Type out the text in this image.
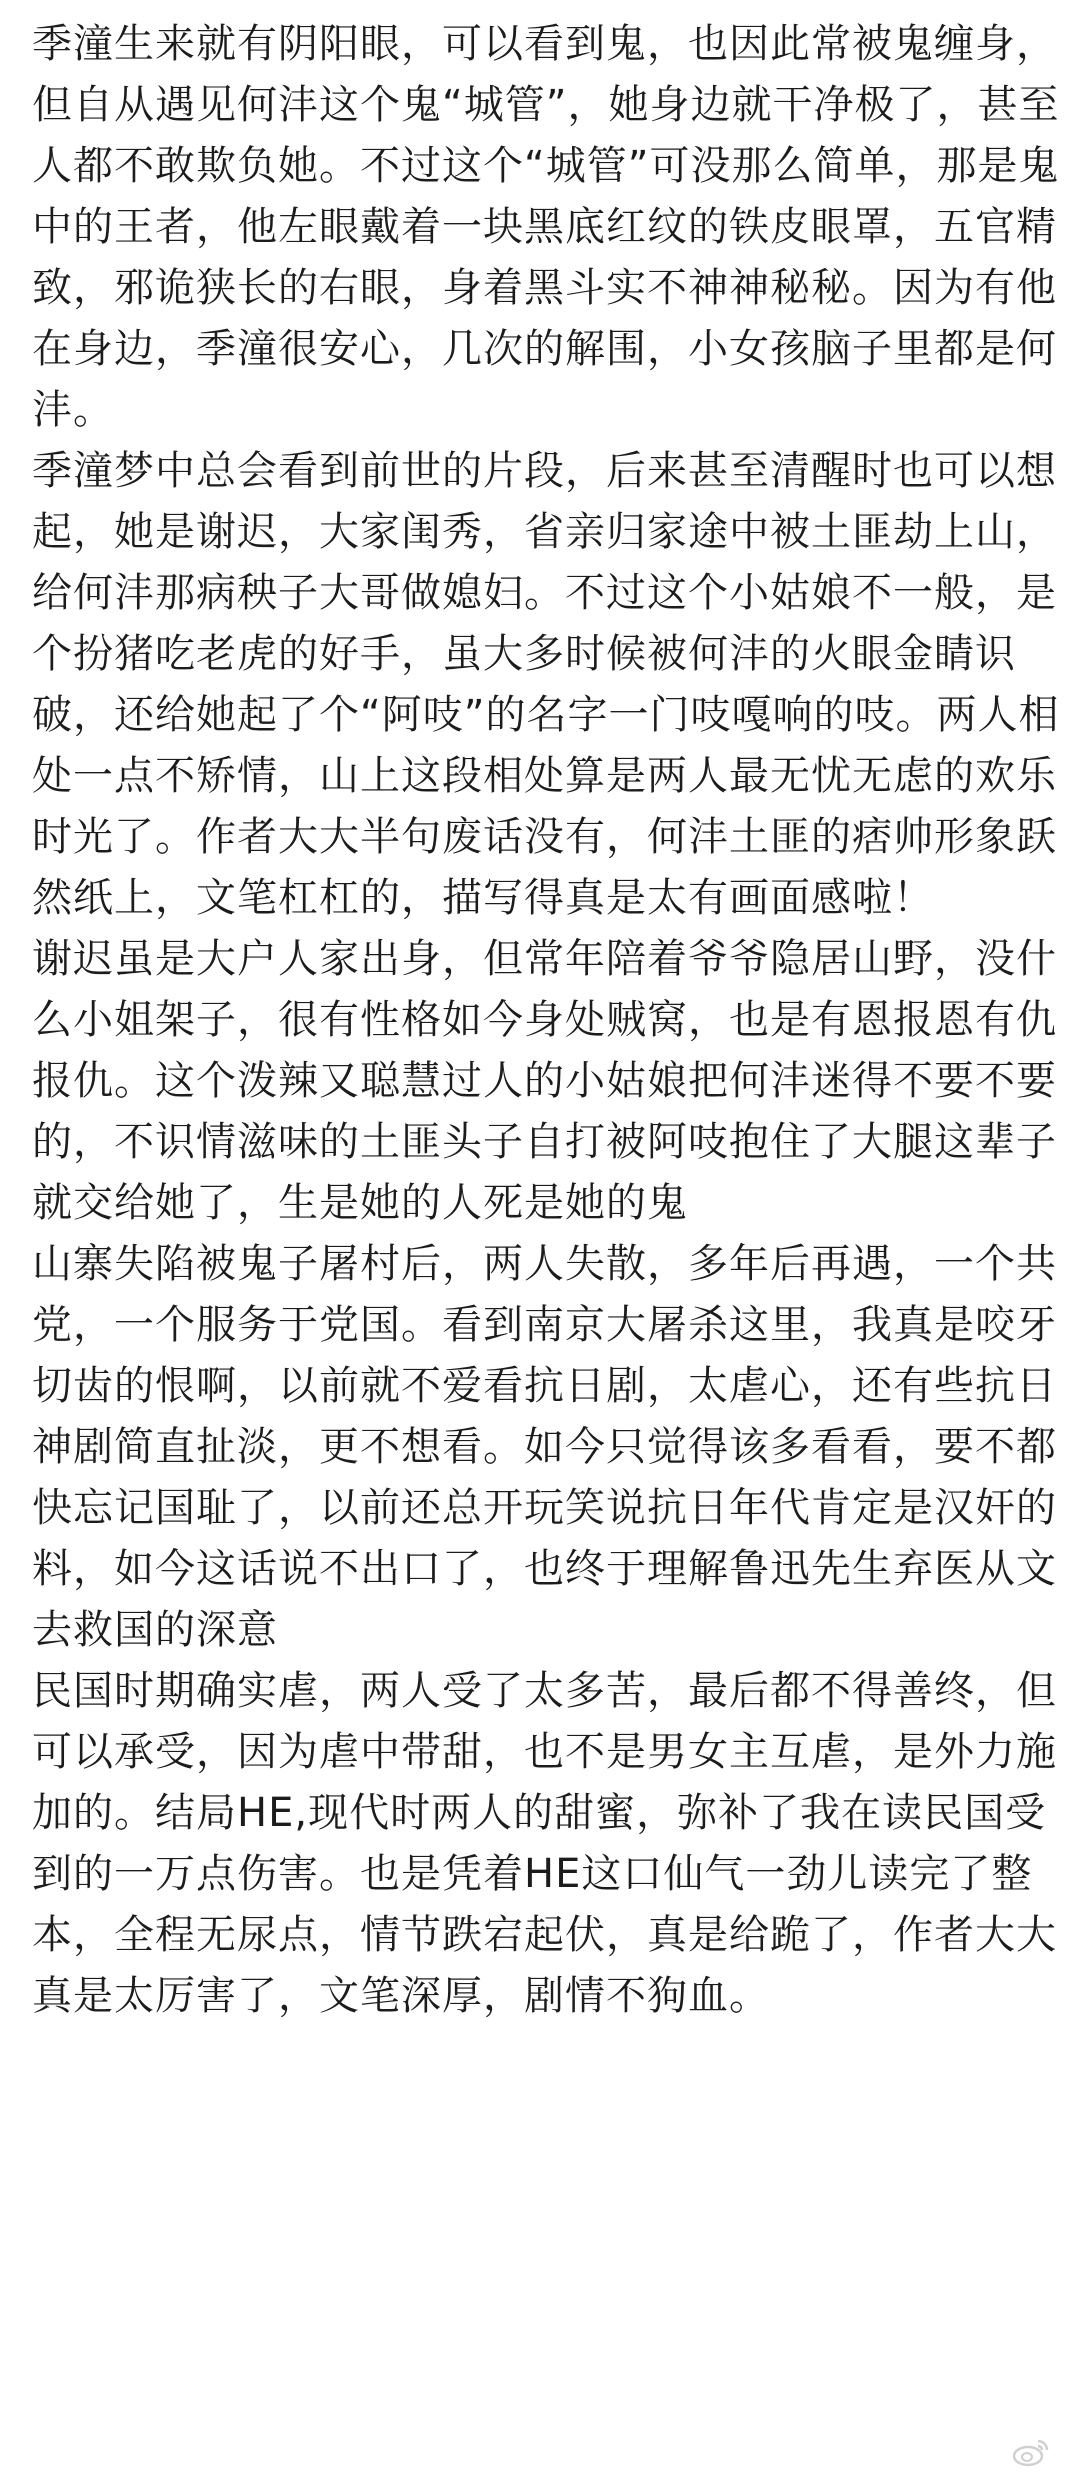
季潼生来就有阴阳眼，可以看到鬼，也因此常被鬼缠身，但自从遇见何沣这个鬼“城管”，她身边就干净极了，甚至人都不敢欺负她。不过这个“城管”可没那么简单，那是鬼中的王者，他左眼戴着一块黑底红纹的铁皮眼罩，五官精致，邪诡狭长的右眼，身着黑斗实不神神秘秘。因为有他在身边，季潼很安心，几次的解围，小女孩脑子里都是何沣。

季潼梦中总会看到前世的片段，后来甚至清醒时也可以想起，她是谢迟，大家闺秀，省亲归家途中被土匪劫上山，给何沣那病秧子大哥做媳妇。不过这个小姑娘不一般，是个扮猪吃老虎的好手，虽大多时候被何沣的火眼金睛识破，还给她起了个“阿吱”的名字一门吱嘎响的吱。两人相处一点不矫情，山上这段相处算是两人最无忧无虑的欢乐时光了。作者大大半句废话没有，何沣土匪的痞帅形象跃然纸上，文笔杠杠的，描写得真是太有画面感啦！

谢迟虽是大户人家出身，但常年陪着爷爷隐居山野，没什么小姐架子，很有性格如今身处贼窝，也是有恩报恩有仇报仇。这个泼辣又聪慧过人的小姑娘把何沣迷得不要不要的，不识情滋味的土匪头子自打被阿吱抱住了大腿这辈子就交给她了，生是她的人死是她的鬼

山寨失陷被鬼子屠村后，两人失散，多年后再遇，一个共党，一个服务于党国。看到南京大屠杀这里，我真是咬牙切齿的恨啊，以前就不爱看抗日剧，太虐心，还有些抗日神剧简直扯淡，更不想看。如今只觉得该多看看，要不都快忘记国耻了，以前还总开玩笑说抗日年代肯定是汉奸的料，如今这话说不出口了，也终于理解鲁迅先生弃医从文去救国的深意

民国时期确实虐，两人受了太多苦，最后都不得善终，但可以承受，因为虐中带甜，也不是男女主互虐，是外力施加的。结局HE,现代时两人的甜蜜，弥补了我在读民国受到的一万点伤害。也是凭着HE这口仙气一劲儿读完了整本，全程无尿点，情节跌宕起伏，真是给跪了，作者大大真是太厉害了，文笔深厚，剧情不狗血。
